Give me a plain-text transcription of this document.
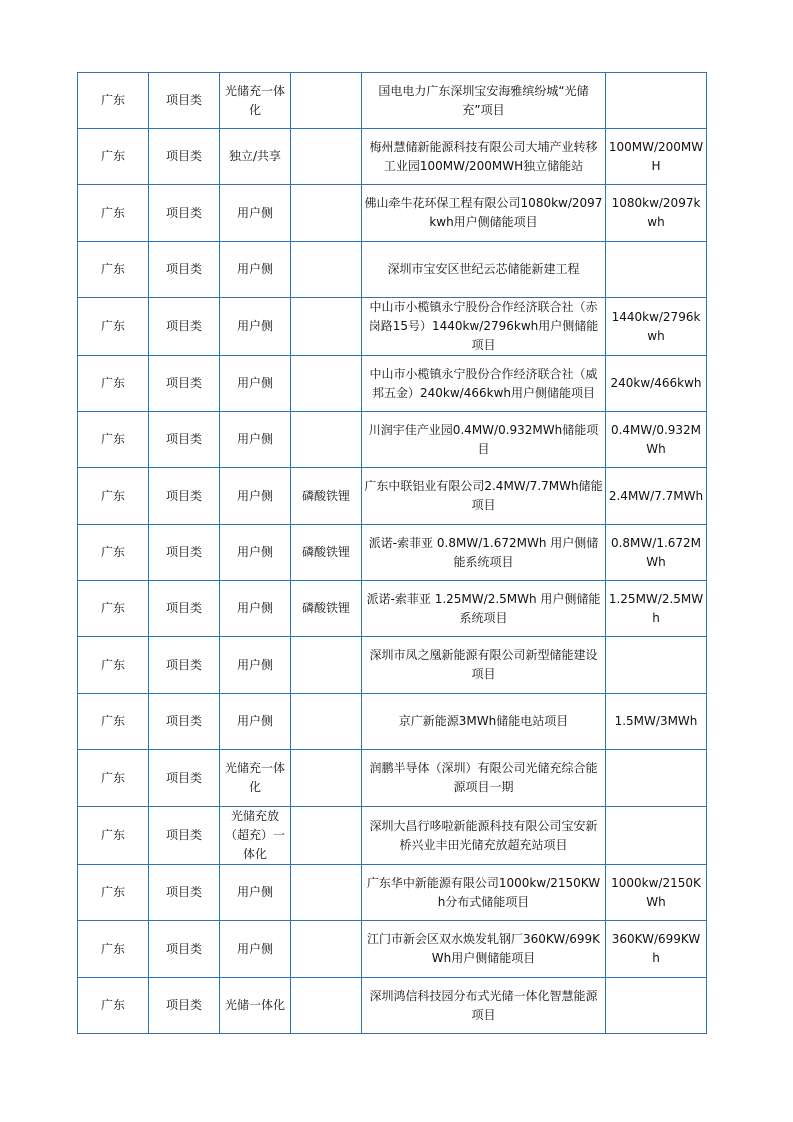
广东	项目类	光储充一体化		国电电力广东深圳宝安海雅缤纷城“光储充”项目	
广东	项目类	独立/共享		梅州慧储新能源科技有限公司大埔产业转移工业园100MW/200MWH独立储能站	100MW/200MWH
广东	项目类	用户侧		佛山牵牛花环保工程有限公司1080kw/2097kwh用户侧储能项目	1080kw/2097kwh
广东	项目类	用户侧		深圳市宝安区世纪云芯储能新建工程	
广东	项目类	用户侧		中山市小榄镇永宁股份合作经济联合社（赤岗路15号）1440kw/2796kwh用户侧储能项目	1440kw/2796kwh
广东	项目类	用户侧		中山市小榄镇永宁股份合作经济联合社（威邦五金）240kw/466kwh用户侧储能项目	240kw/466kwh
广东	项目类	用户侧		川润宇佳产业园0.4MW/0.932MWh储能项目	0.4MW/0.932MWh
广东	项目类	用户侧	磷酸铁锂	广东中联铝业有限公司2.4MW/7.7MWh储能项目	2.4MW/7.7MWh
广东	项目类	用户侧	磷酸铁锂	派诺-索菲亚 0.8MW/1.672MWh 用户侧储能系统项目	0.8MW/1.672MWh
广东	项目类	用户侧	磷酸铁锂	派诺-索菲亚 1.25MW/2.5MWh 用户侧储能系统项目	1.25MW/2.5MWh
广东	项目类	用户侧		深圳市凤之凰新能源有限公司新型储能建设项目	
广东	项目类	用户侧		京广新能源3MWh储能电站项目	1.5MW/3MWh
广东	项目类	光储充一体化		润鹏半导体（深圳）有限公司光储充综合能源项目一期	
广东	项目类	光储充放（超充）一体化		深圳大昌行哆啦新能源科技有限公司宝安新桥兴业丰田光储充放超充站项目	
广东	项目类	用户侧		广东华中新能源有限公司1000kw/2150KWh分布式储能项目	1000kw/2150KWh
广东	项目类	用户侧		江门市新会区双水焕发轧钢厂360KW/699KWh用户侧储能项目	360KW/699KWh
广东	项目类	光储一体化		深圳鸿信科技园分布式光储一体化智慧能源项目	
